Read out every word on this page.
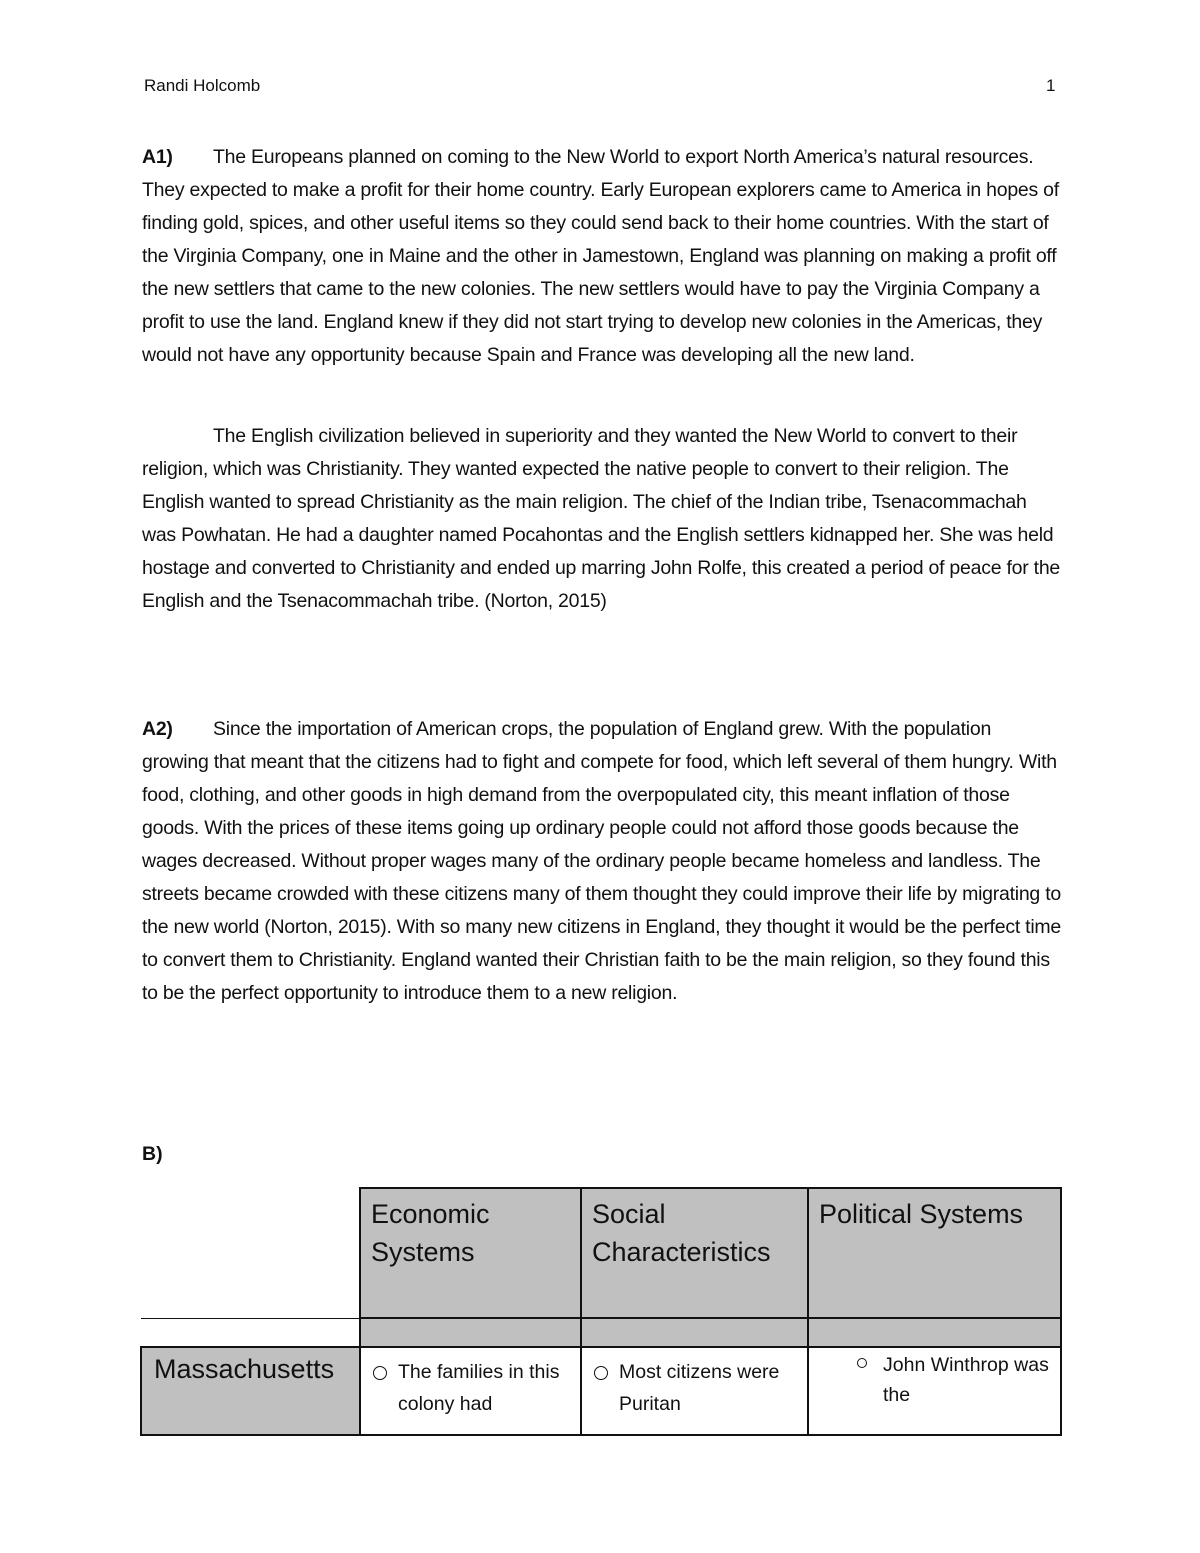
Randi Holcomb	1

A1) The Europeans planned on coming to the New World to export North America’s natural resources. They expected to make a profit for their home country. Early European explorers came to America in hopes of finding gold, spices, and other useful items so they could send back to their home countries. With the start of the Virginia Company, one in Maine and the other in Jamestown, England was planning on making a profit off the new settlers that came to the new colonies. The new settlers would have to pay the Virginia Company a profit to use the land. England knew if they did not start trying to develop new colonies in the Americas, they would not have any opportunity because Spain and France was developing all the new land.

The English civilization believed in superiority and they wanted the New World to convert to their religion, which was Christianity. They wanted expected the native people to convert to their religion. The English wanted to spread Christianity as the main religion. The chief of the Indian tribe, Tsenacommachah was Powhatan. He had a daughter named Pocahontas and the English settlers kidnapped her. She was held hostage and converted to Christianity and ended up marring John Rolfe, this created a period of peace for the English and the Tsenacommachah tribe. (Norton, 2015)

A2) Since the importation of American crops, the population of England grew. With the population growing that meant that the citizens had to fight and compete for food, which left several of them hungry. With food, clothing, and other goods in high demand from the overpopulated city, this meant inflation of those goods. With the prices of these items going up ordinary people could not afford those goods because the wages decreased. Without proper wages many of the ordinary people became homeless and landless. The streets became crowded with these citizens many of them thought they could improve their life by migrating to the new world (Norton, 2015). With so many new citizens in England, they thought it would be the perfect time to convert them to Christianity. England wanted their Christian faith to be the main religion, so they found this to be the perfect opportunity to introduce them to a new religion.

B)
	Economic Systems	Social Characteristics	Political Systems

Massachusetts	The families in this colony had	Most citizens were Puritan	John Winthrop was the
